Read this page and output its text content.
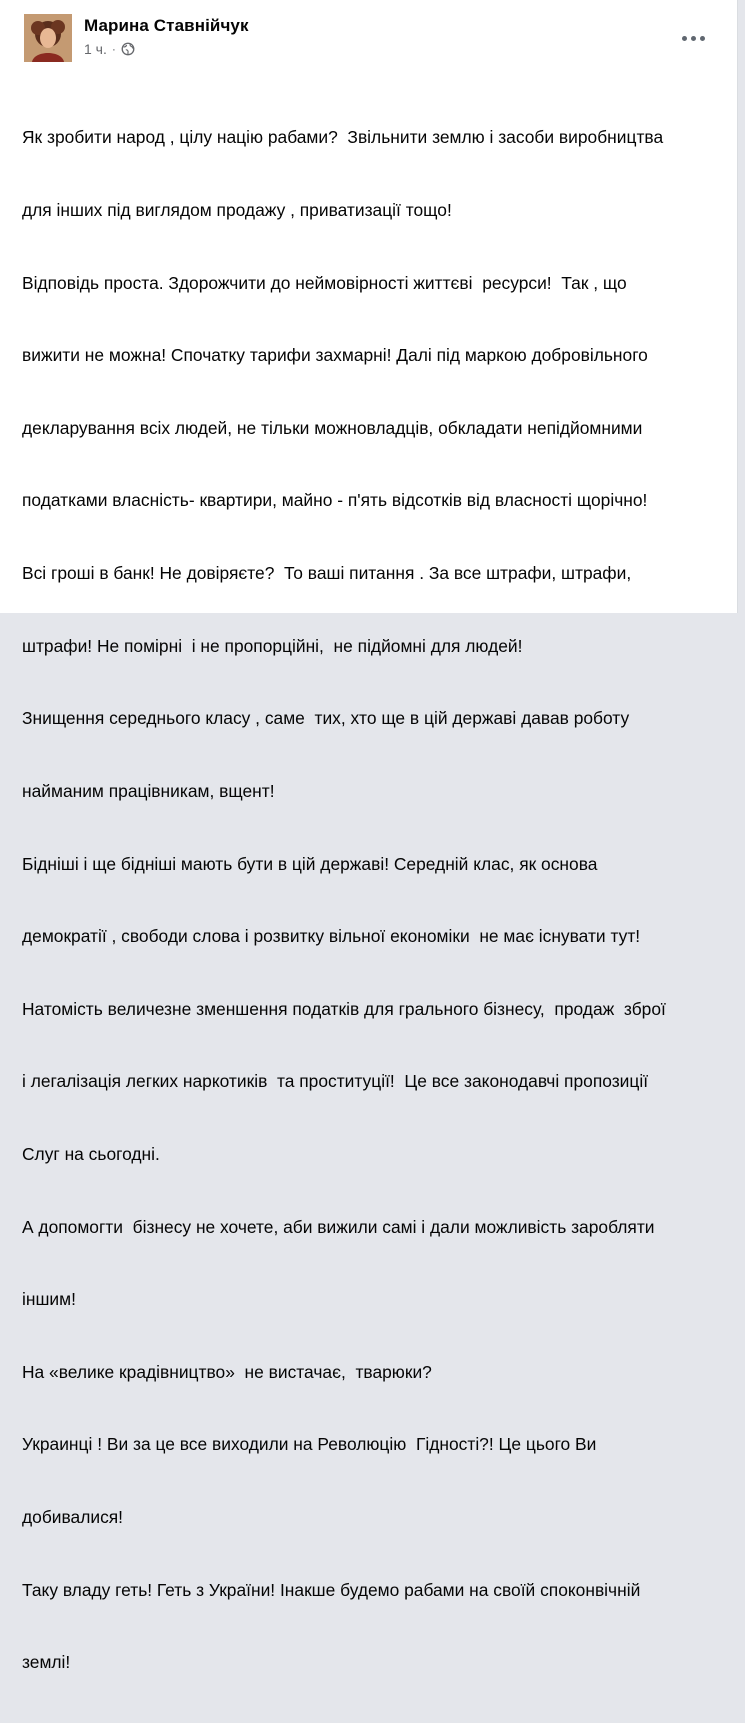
Марина Ставнійчук
1 ч. ·

Як зробити народ , цілу націю рабами?  Звільнити землю і засоби виробництва

для інших під виглядом продажу , приватизації тощо!

Відповідь проста. Здорожчити до неймовірності життєві  ресурси!  Так , що

вижити не можна! Спочатку тарифи захмарні! Далі під маркою добровільного

декларування всіх людей, не тільки можновладців, обкладати непідйомними

податками власність- квартири, майно - п'ять відсотків від власності щорічно!

Всі гроші в банк! Не довіряєте?  То ваші питання . За все штрафи, штрафи,

штрафи! Не помірні  і не пропорційні,  не підйомні для людей!

Знищення середнього класу , саме  тих, хто ще в цій державі давав роботу

найманим працівникам, вщент!

Бідніші і ще бідніші мають бути в цій державі! Середній клас, як основа

демократії , свободи слова і розвитку вільної економіки  не має існувати тут!

Натомість величезне зменшення податків для грального бізнесу,  продаж  зброї

і легалізація легких наркотиків  та проституції!  Це все законодавчі пропозиції

Слуг на сьогодні.

А допомогти  бізнесу не хочете, аби вижили самі і дали можливість заробляти

іншим!

На «велике крадівництво»  не вистачає,  тварюки?

Украинці ! Ви за це все виходили на Революцію  Гідності?! Це цього Ви

добивалися!

Таку владу геть! Геть з України! Інакше будемо рабами на своїй споконвічній

землі!
